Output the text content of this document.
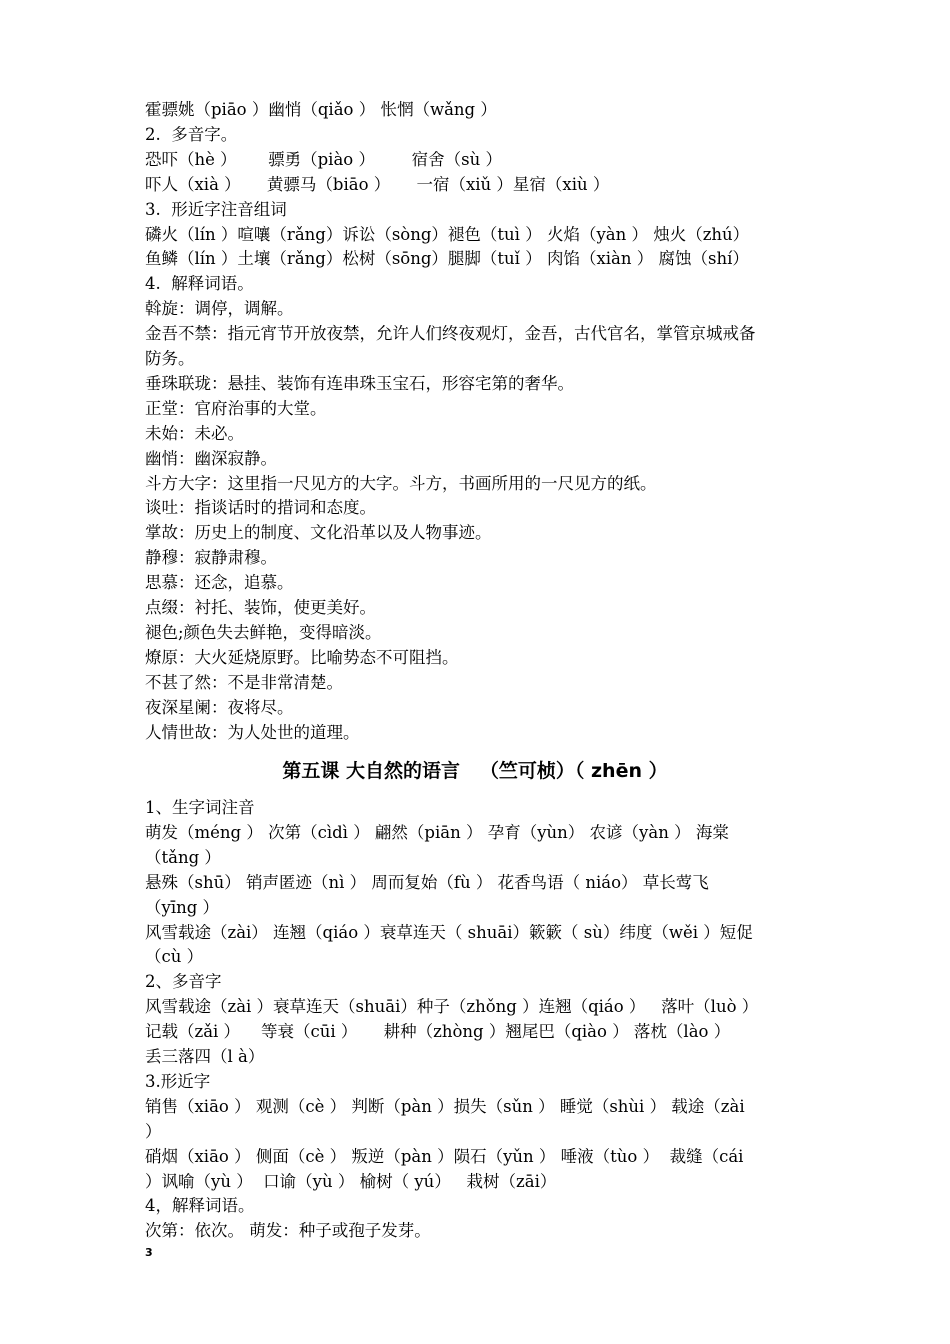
霍骠姚（piāo ）幽悄（qiǎo ） 怅惘（wǎng ）
2.  多音字。
恐吓（hè ）      骠勇（piào ）       宿舍（sù ）
吓人（xià ）     黄骠马（biāo ）     一宿（xiǔ ）星宿（xiù ）
3.  形近字注音组词
磷火（lín ）喧嚷（rǎng）诉讼（sòng）褪色（tuì ） 火焰（yàn ） 烛火（zhú）
鱼鳞（lín ）土壤（rǎng）松树（sōng）腿脚（tuǐ ） 肉馅（xiàn ） 腐蚀（shí）
4.  解释词语。
斡旋：调停，调解。
金吾不禁：指元宵节开放夜禁，允许人们终夜观灯，金吾，古代官名，掌管京城戒备
防务。
垂珠联珑：悬挂、装饰有连串珠玉宝石，形容宅第的奢华。
正堂：官府治事的大堂。
未始：未必。
幽悄：幽深寂静。
斗方大字：这里指一尺见方的大字。斗方，书画所用的一尺见方的纸。
谈吐：指谈话时的措词和态度。
掌故：历史上的制度、文化沿革以及人物事迹。
静穆：寂静肃穆。
思慕：还念，追慕。
点缀：衬托、装饰，使更美好。
褪色;颜色失去鲜艳，变得暗淡。
燎原：大火延烧原野。比喻势态不可阻挡。
不甚了然：不是非常清楚。
夜深星阑：夜将尽。
人情世故：为人处世的道理。
第五课 大自然的语言   （竺可桢）（ zhēn ）
1、生字词注音
萌发（méng ） 次第（cìdì ） 翩然（piān ） 孕育（yùn） 农谚（yàn ） 海棠
（tǎng ）
悬殊（shū） 销声匿迹（nì ） 周而复始（fù ） 花香鸟语（ niáo） 草长莺飞
（yīng ）
风雪载途（zài） 连翘（qiáo ）衰草连天（ shuāi）簌簌（ sù）纬度（wěi ）短促
（cù ）
2、多音字
风雪载途（zài ）衰草连天（shuāi）种子（zhǒng ）连翘（qiáo ）   落叶（luò ）
记载（zǎi ）    等衰（cūi ）     耕种（zhòng ）翘尾巴（qiào ） 落枕（lào ）
丢三落四（l à）
3.形近字
销售（xiāo ） 观测（cè ） 判断（pàn ）损失（sǔn ） 睡觉（shùi ） 载途（zài
）
硝烟（xiāo ） 侧面（cè ） 叛逆（pàn ）陨石（yǔn ） 唾液（tùo ）  裁缝（cái
）讽喻（yù ）  口谕（yù ） 榆树（ yú）   栽树（zāi）
4，解释词语。
次第：依次。 萌发：种子或孢子发芽。
3
